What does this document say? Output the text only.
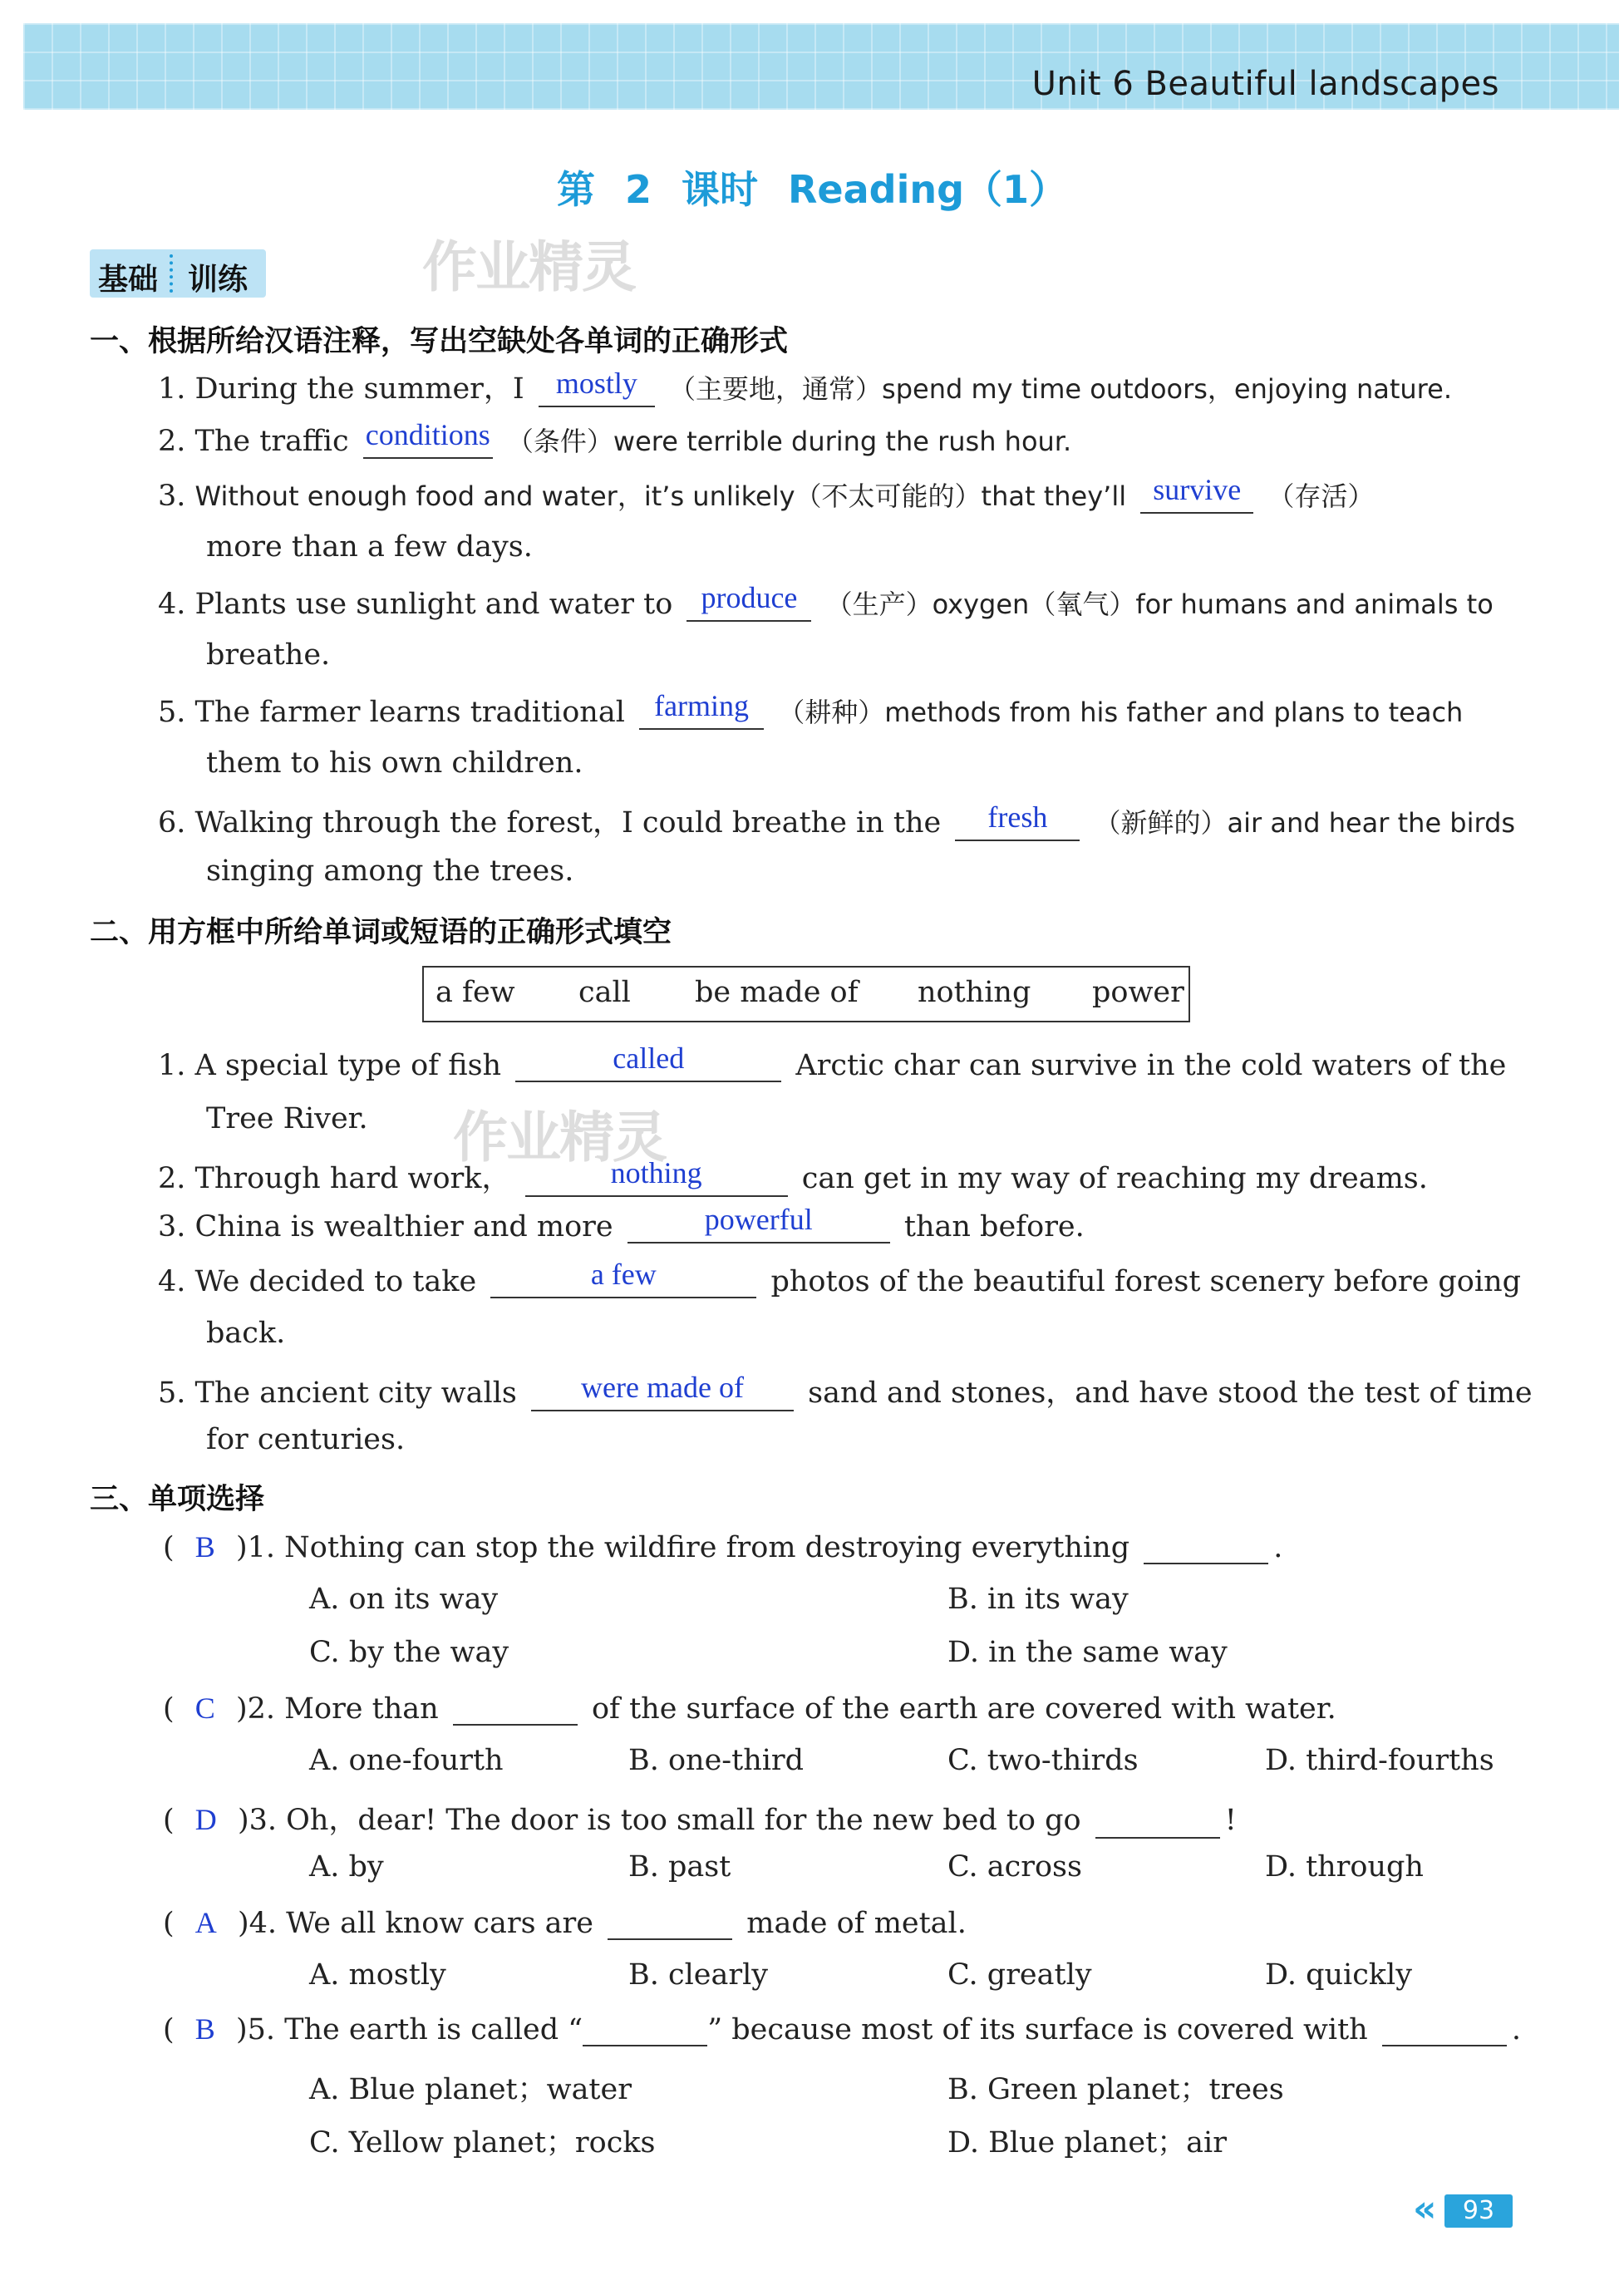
Unit 6 Beautiful landscapes
第 2 课时 Reading（1）
基础 训练	作业精灵
作业精灵
一、根据所给汉语注释，写出空缺处各单词的正确形式
1. During the summer，I	mostly	（主要地，通常）spend my time outdoors，enjoying nature.
2. The traffic conditions （条件）were terrible during the rush hour.
3. Without enough food and water，it’s unlikely（不太可能的）that they’ll survive	（存活）
more than a few days.
4. Plants use sunlight and water to produce	（生产）oxygen（氧气）for humans and animals to
breathe.
5. The farmer learns traditional farming	（耕种）methods from his father and plans to teach
them to his own children.
6. Walking through the forest，I could breathe in the	fresh	（新鲜的）air and hear the birds
singing among the trees.
二、用方框中所给单词或短语的正确形式填空
a few call be made of nothing power
1. A special type of fish	called	Arctic char can survive in the cold waters of the
Tree River.
2. Through hard work，	nothing	can get in my way of reaching my dreams.
3. China is wealthier and more	powerful	than before.
4. We decided to take	a few	photos of the beautiful forest scenery before going
back.
5. The ancient city walls	were made of	sand and stones，and have stood the test of time
for centuries.
三、单项选择
( B )1. Nothing can stop the wildfire from destroying everything	.
A. on its way	B. in its way
C. by the way	D. in the same way
( C )2. More than	of the surface of the earth are covered with water.
A. one-fourth	B. one-third	C. two-thirds	D. third-fourths
( D )3. Oh，dear! The door is too small for the new bed to go	!
A. by	B. past	C. across	D. through
( A )4. We all know cars are	made of metal.
A. mostly	B. clearly	C. greatly	D. quickly
( B )5. The earth is called “	” because most of its surface is covered with	.
A. Blue planet；water	B. Green planet；trees
C. Yellow planet；rocks	D. Blue planet；air
«	93
